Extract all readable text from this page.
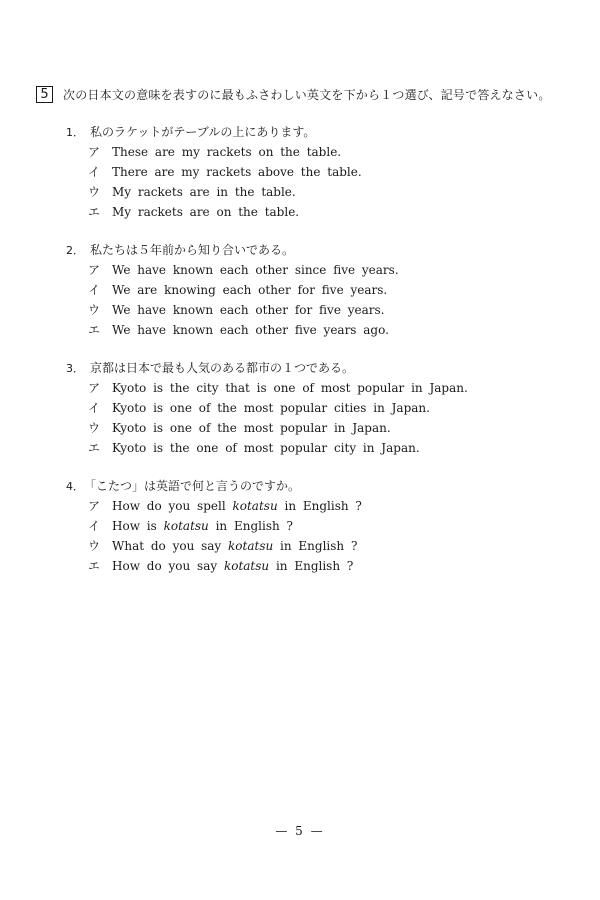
5	次の日本文の意味を表すのに最もふさわしい英文を下から１つ選び、記号で答えなさい。
1． 私のラケットがテーブルの上にあります。
ア These are my rackets on the table.
イ There are my rackets above the table.
ウ My rackets are in the table.
エ My rackets are on the table.
2． 私たちは５年前から知り合いである。
ア We have known each other since five years.
イ We are knowing each other for five years.
ウ We have known each other for five years.
エ We have known each other five years ago.
3． 京都は日本で最も人気のある都市の１つである。
ア Kyoto is the city that is one of most popular in Japan.
イ Kyoto is one of the most popular cities in Japan.
ウ Kyoto is one of the most popular in Japan.
エ Kyoto is the one of most popular city in Japan.
4． 「こたつ」は英語で何と言うのですか。
ア How do you spell kotatsu in English ?
イ How is kotatsu in English ?
ウ What do you say kotatsu in English ?
エ How do you say kotatsu in English ?
— 5 —
